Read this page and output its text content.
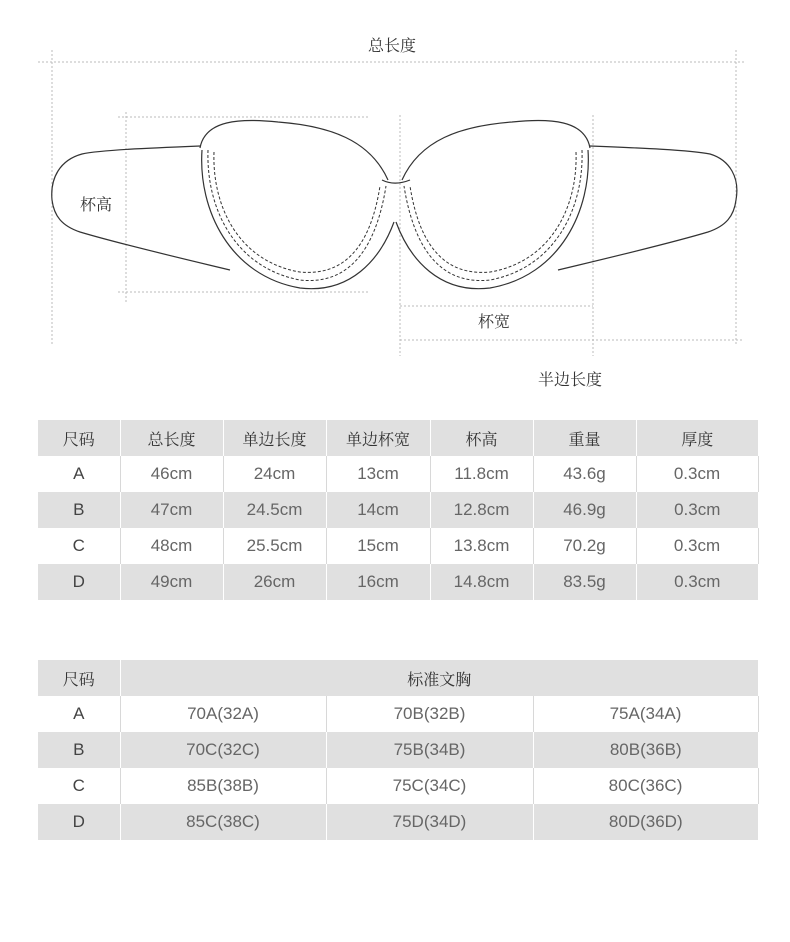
总长度
杯高
杯宽
半边长度
尺码	总长度	单边长度	单边杯宽	杯高	重量	厚度
A	46cm	24cm	13cm	11.8cm	43.6g	0.3cm
B	47cm	24.5cm	14cm	12.8cm	46.9g	0.3cm
C	48cm	25.5cm	15cm	13.8cm	70.2g	0.3cm
D	49cm	26cm	16cm	14.8cm	83.5g	0.3cm
尺码	标准文胸		
A	70A(32A)	70B(32B)	75A(34A)
B	70C(32C)	75B(34B)	80B(36B)
C	85B(38B)	75C(34C)	80C(36C)
D	85C(38C)	75D(34D)	80D(36D)
